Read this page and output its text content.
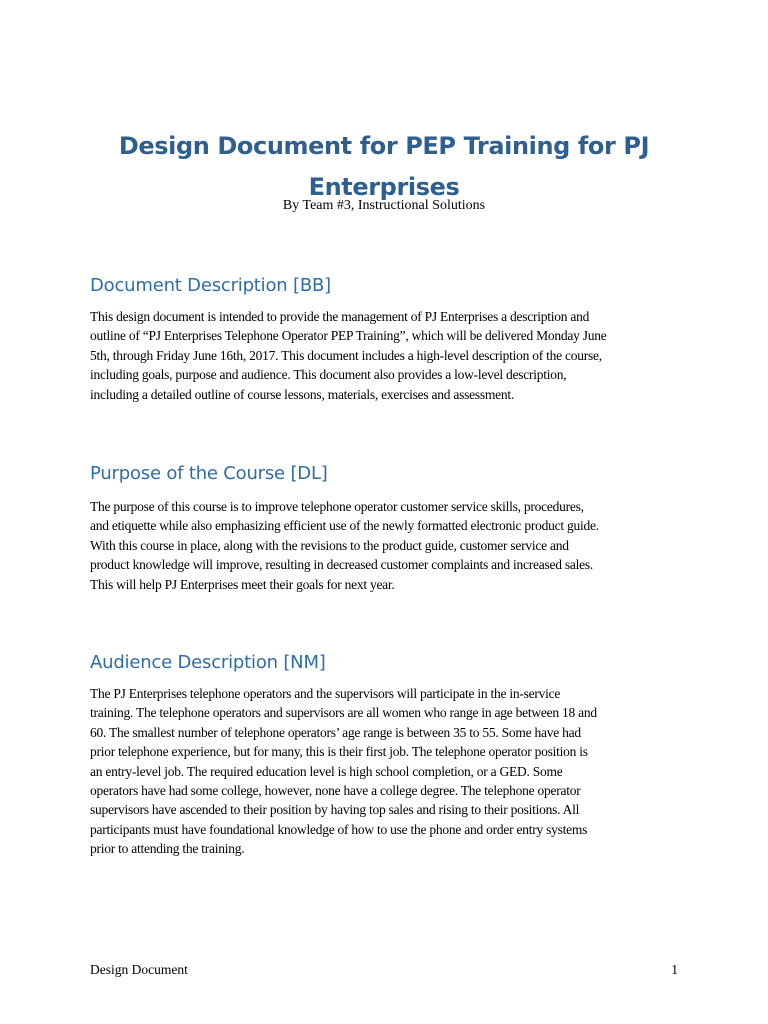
Design Document for PEP Training for PJ
Enterprises
By Team #3, Instructional Solutions
Document Description [BB]
This design document is intended to provide the management of PJ Enterprises a description and
outline of “PJ Enterprises Telephone Operator PEP Training”, which will be delivered Monday June
5th, through Friday June 16th, 2017. This document includes a high-level description of the course,
including goals, purpose and audience. This document also provides a low-level description,
including a detailed outline of course lessons, materials, exercises and assessment.
Purpose of the Course [DL]
The purpose of this course is to improve telephone operator customer service skills, procedures,
and etiquette while also emphasizing efficient use of the newly formatted electronic product guide.
With this course in place, along with the revisions to the product guide, customer service and
product knowledge will improve, resulting in decreased customer complaints and increased sales.
This will help PJ Enterprises meet their goals for next year.
Audience Description [NM]
The PJ Enterprises telephone operators and the supervisors will participate in the in-service
training. The telephone operators and supervisors are all women who range in age between 18 and
60. The smallest number of telephone operators’ age range is between 35 to 55. Some have had
prior telephone experience, but for many, this is their first job. The telephone operator position is
an entry-level job. The required education level is high school completion, or a GED. Some
operators have had some college, however, none have a college degree. The telephone operator
supervisors have ascended to their position by having top sales and rising to their positions. All
participants must have foundational knowledge of how to use the phone and order entry systems
prior to attending the training.
Design Document	1
